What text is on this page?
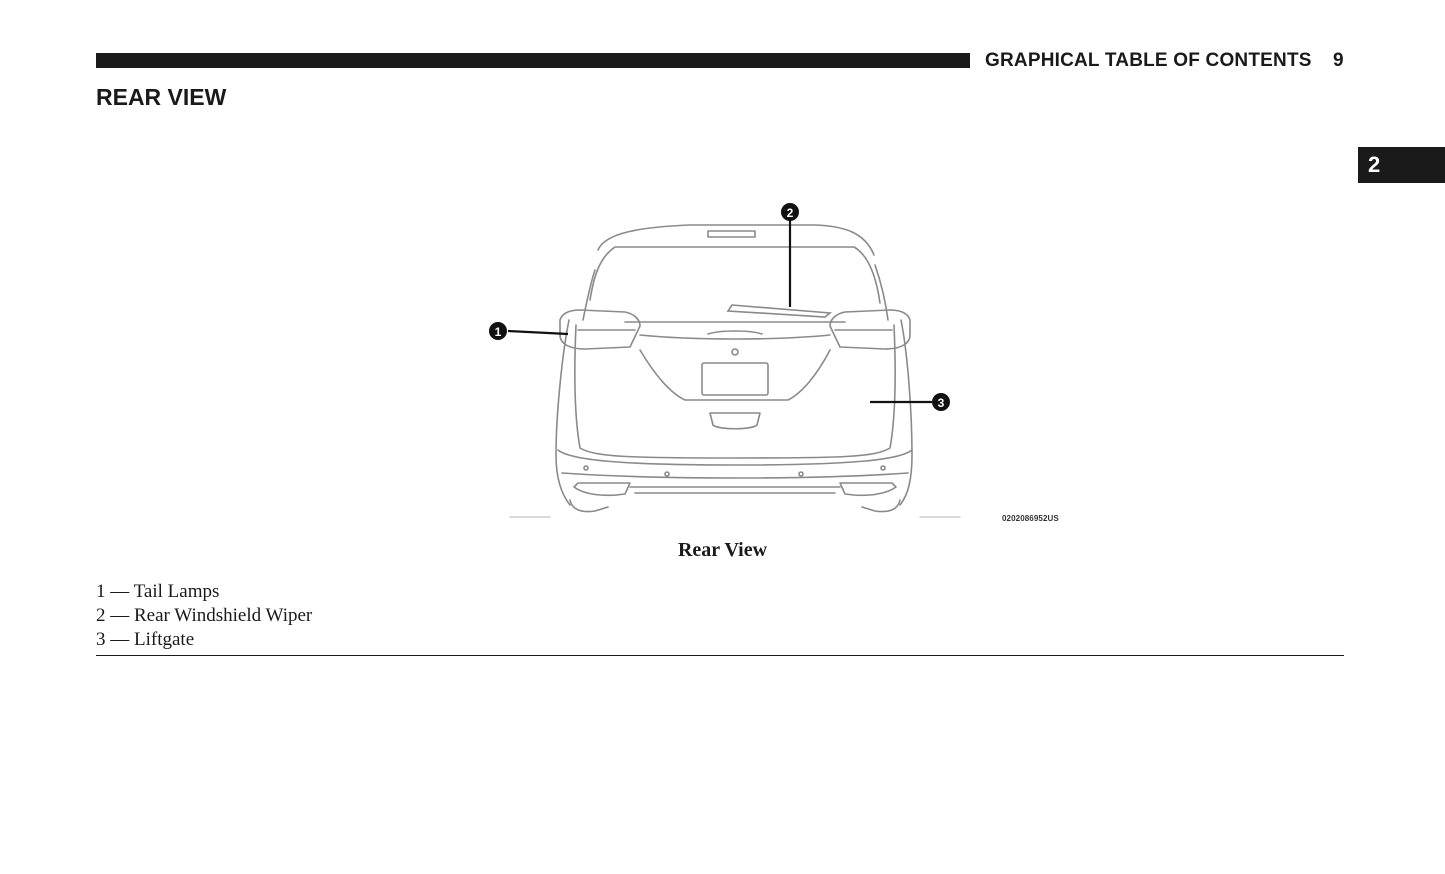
GRAPHICAL TABLE OF CONTENTS 9
REAR VIEW
2
1
2
3
0202086952US
Rear View
1 — Tail Lamps
2 — Rear Windshield Wiper
3 — Liftgate
